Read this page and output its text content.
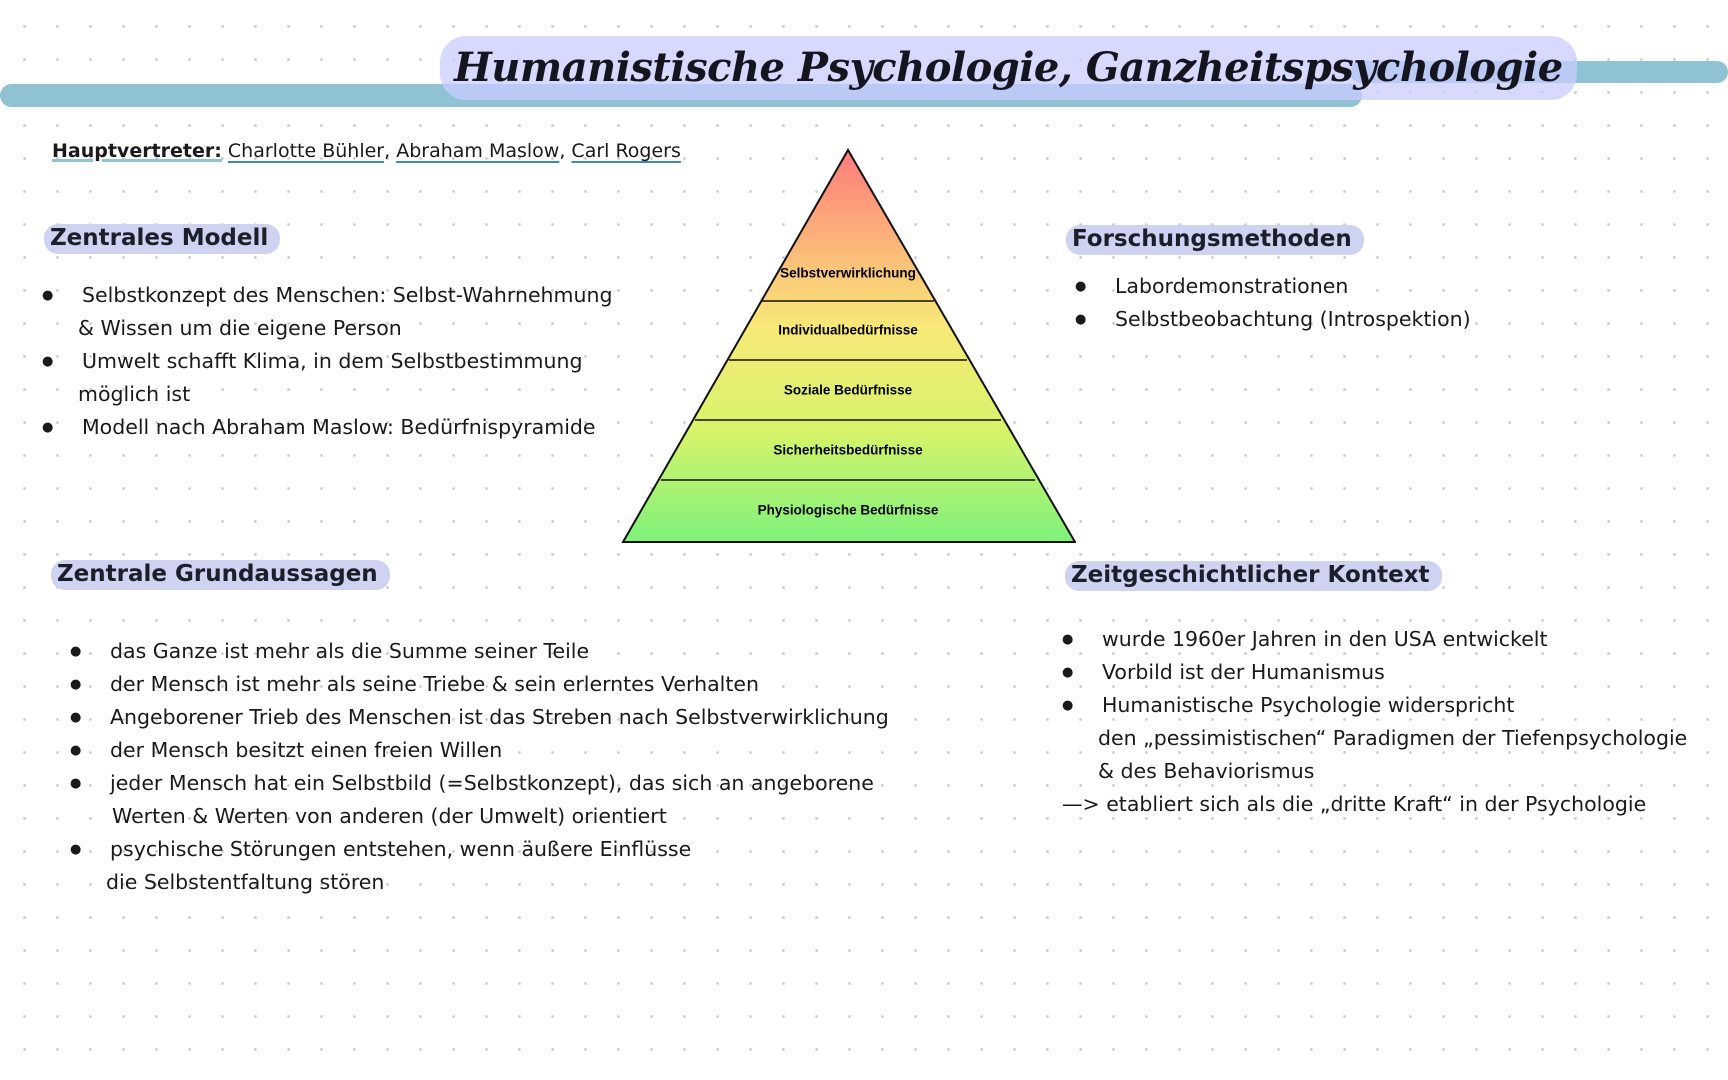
Humanistische Psychologie, Ganzheitspsychologie
Hauptvertreter: Charlotte Bühler, Abraham Maslow, Carl Rogers
Zentrales Modell
● Selbstkonzept des Menschen: Selbst-Wahrnehmung
& Wissen um die eigene Person
● Umwelt schafft Klima, in dem Selbstbestimmung
möglich ist
● Modell nach Abraham Maslow: Bedürfnispyramide
Selbstverwirklichung
Individualbedürfnisse
Soziale Bedürfnisse
Sicherheitsbedürfnisse
Physiologische Bedürfnisse
Forschungsmethoden
● Labordemonstrationen
● Selbstbeobachtung (Introspektion)
Zentrale Grundaussagen
● das Ganze ist mehr als die Summe seiner Teile
● der Mensch ist mehr als seine Triebe & sein erlerntes Verhalten
● Angeborener Trieb des Menschen ist das Streben nach Selbstverwirklichung
● der Mensch besitzt einen freien Willen
● jeder Mensch hat ein Selbstbild (=Selbstkonzept), das sich an angeborene
Werten & Werten von anderen (der Umwelt) orientiert
● psychische Störungen entstehen, wenn äußere Einflüsse
die Selbstentfaltung stören
Zeitgeschichtlicher Kontext
● wurde 1960er Jahren in den USA entwickelt
● Vorbild ist der Humanismus
● Humanistische Psychologie widerspricht
den „pessimistischen“ Paradigmen der Tiefenpsychologie
& des Behaviorismus
—> etabliert sich als die „dritte Kraft“ in der Psychologie
